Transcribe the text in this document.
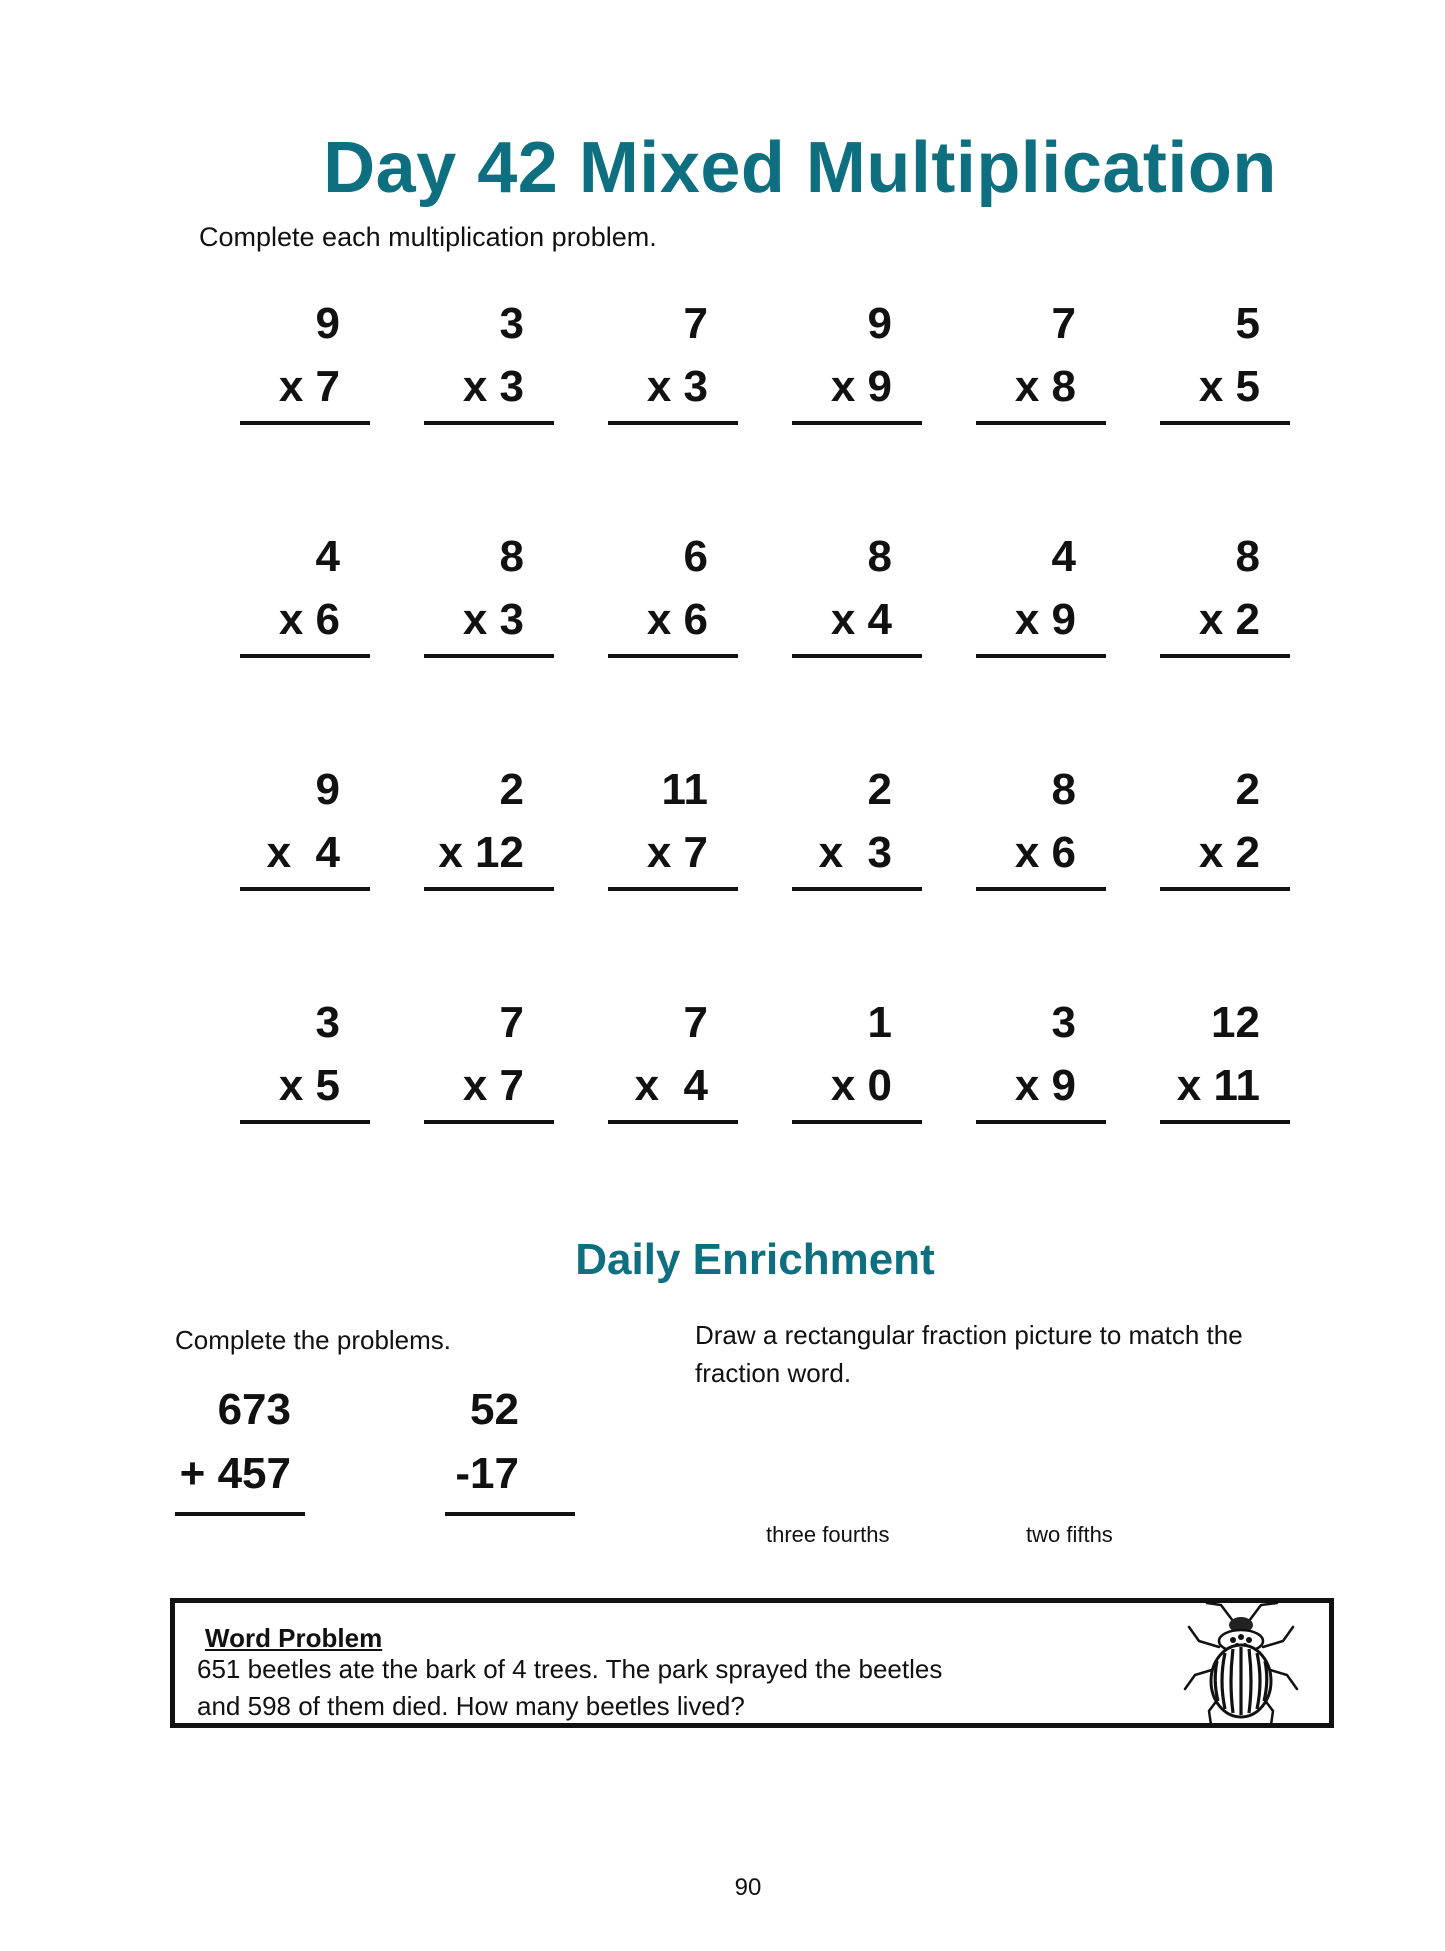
Day 42 Mixed Multiplication
Complete each multiplication problem.
9
x 7
3
x 3
7
x 3
9
x 9
7
x 8
5
x 5
4
x 6
8
x 3
6
x 6
8
x 4
4
x 9
8
x 2
9
x  4
2
x 12
11
x 7
2
x  3
8
x 6
2
x 2
3
x 5
7
x 7
7
x  4
1
x 0
3
x 9
12
x 11
Daily Enrichment
Complete the problems.	Draw a rectangular fraction picture to match the fraction word.
673
+ 457
52
-17
three fourths	two fifths
Word Problem
651 beetles ate the bark of 4 trees. The park sprayed the beetles and 598 of them died. How many beetles lived?
90
